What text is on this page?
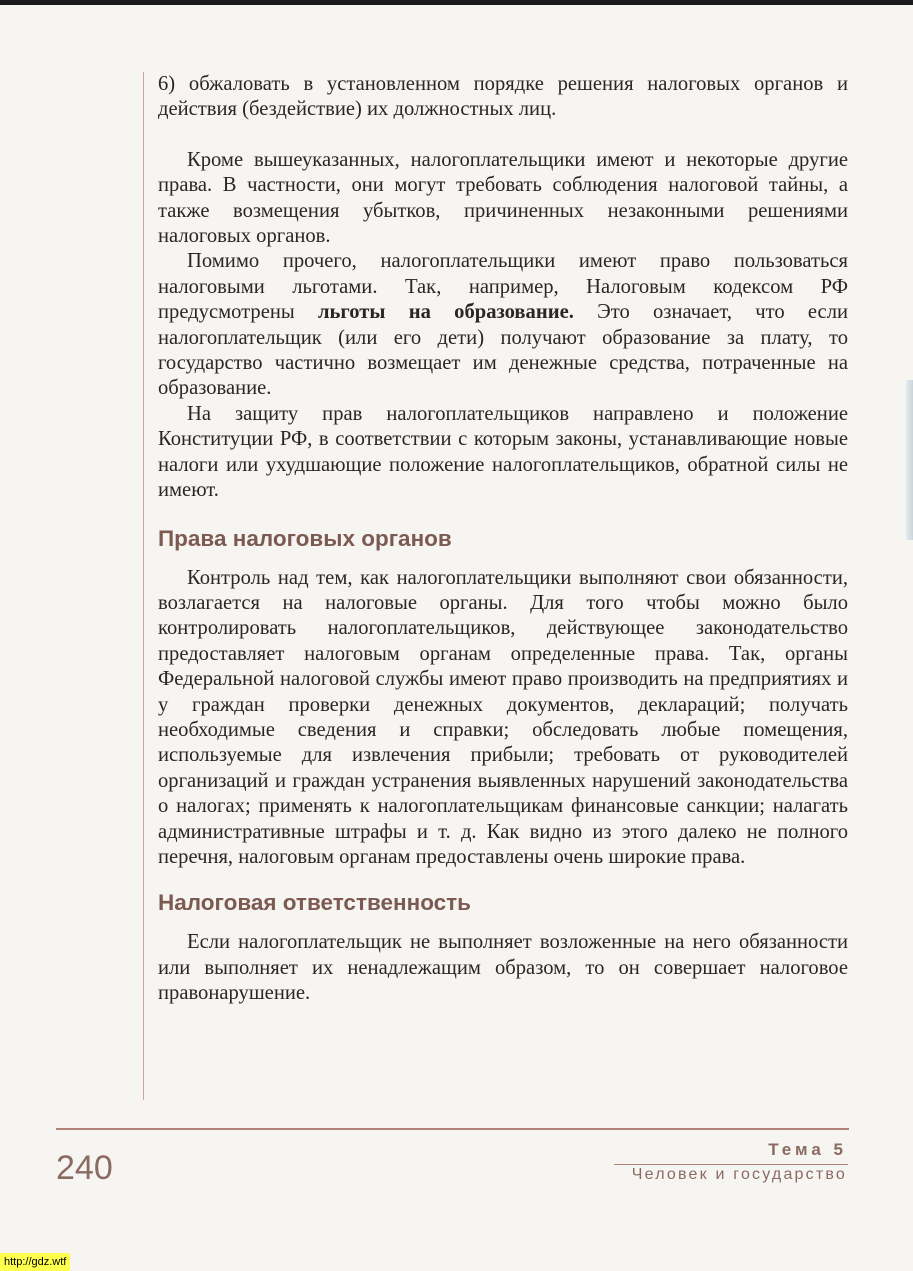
6) обжаловать в установленном порядке решения налоговых органов и действия (бездействие) их должностных лиц.

Кроме вышеуказанных, налогоплательщики имеют и некоторые другие права. В частности, они могут требовать соблюдения налоговой тайны, а также возмещения убытков, причиненных незаконными решениями налоговых органов.

Помимо прочего, налогоплательщики имеют право пользоваться налоговыми льготами. Так, например, Налоговым кодексом РФ предусмотрены льготы на образование. Это означает, что если налогоплательщик (или его дети) получают образование за плату, то государство частично возмещает им денежные средства, потраченные на образование.

На защиту прав налогоплательщиков направлено и положение Конституции РФ, в соответствии с которым законы, устанавливающие новые налоги или ухудшающие положение налогоплательщиков, обратной силы не имеют.

Права налоговых органов

Контроль над тем, как налогоплательщики выполняют свои обязанности, возлагается на налоговые органы. Для того чтобы можно было контролировать налогоплательщиков, действующее законодательство предоставляет налоговым органам определенные права. Так, органы Федеральной налоговой службы имеют право производить на предприятиях и у граждан проверки денежных документов, деклараций; получать необходимые сведения и справки; обследовать любые помещения, используемые для извлечения прибыли; требовать от руководителей организаций и граждан устранения выявленных нарушений законодательства о налогах; применять к налогоплательщикам финансовые санкции; налагать административные штрафы и т. д. Как видно из этого далеко не полного перечня, налоговым органам предоставлены очень широкие права.

Налоговая ответственность

Если налогоплательщик не выполняет возложенные на него обязанности или выполняет их ненадлежащим образом, то он совершает налоговое правонарушение.

240	Тема 5
Человек и государство
http://gdz.wtf
